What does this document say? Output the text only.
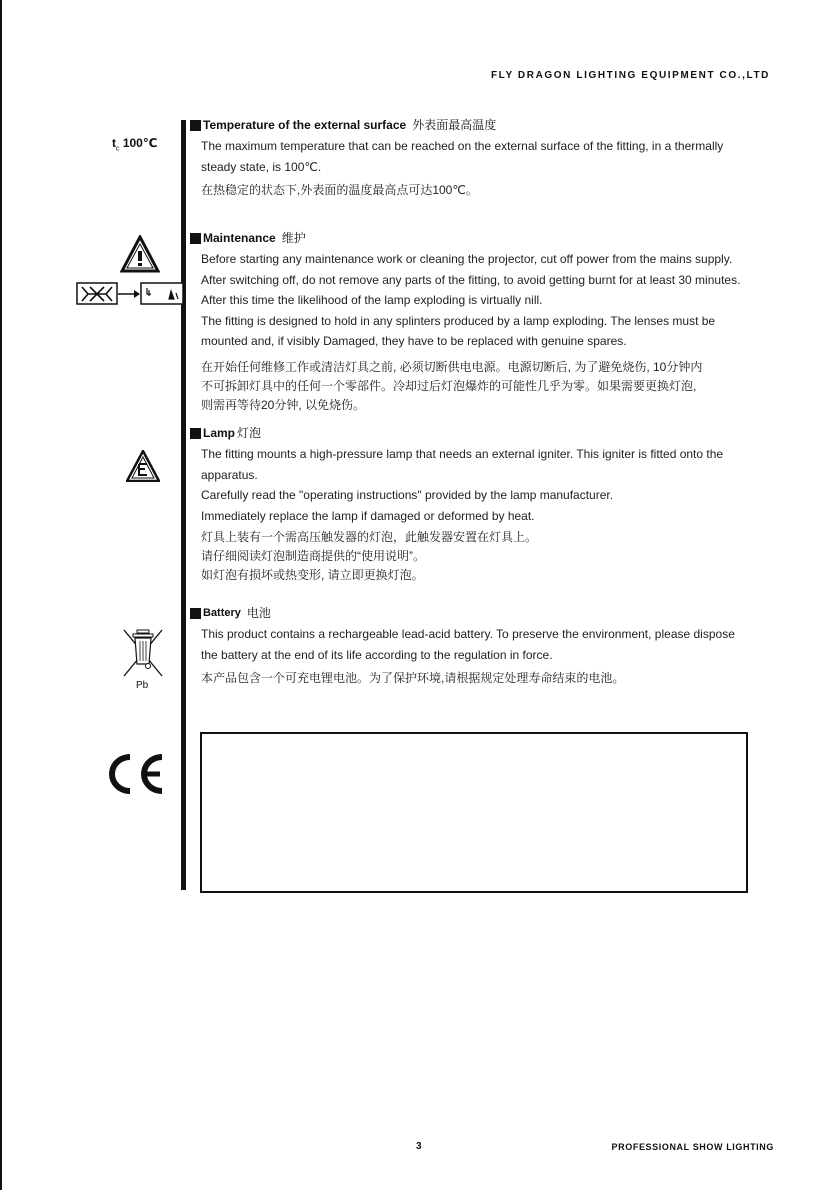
FLY DRAGON LIGHTING EQUIPMENT CO.,LTD
$t_c$ 100℃
Temperature of the external surface 外表面最高温度

The maximum temperature that can be reached on the external surface of the fitting, in a thermally

steady state, is 100℃.

在热稳定的状态下,外表面的温度最高点可达100℃。

Maintenance 维护

Before starting any maintenance work or cleaning the projector, cut off power from the mains supply.

After switching off, do not remove any parts of the fitting, to avoid getting burnt for at least 30 minutes.

After this time the likelihood of the lamp exploding is virtually nill.

The fitting is designed to hold in any splinters produced by a lamp exploding. The lenses must be

mounted and, if visibly Damaged, they have to be replaced with genuine spares.

在开始任何维修工作或清洁灯具之前, 必须切断供电电源。电源切断后, 为了避免烧伤, 10分钟内

不可拆卸灯具中的任何一个零部件。冷却过后灯泡爆炸的可能性几乎为零。如果需要更换灯泡,

则需再等待20分钟, 以免烧伤。

Lamp 灯泡

The fitting mounts a high-pressure lamp that needs an external igniter. This igniter is fitted onto the

apparatus.

Carefully read the "operating instructions" provided by the lamp manufacturer.

Immediately replace the lamp if damaged or deformed by heat.

灯具上装有一个需高压触发器的灯泡，此触发器安置在灯具上。

请仔细阅读灯泡制造商提供的“使用说明”。

如灯泡有损坏或热变形, 请立即更换灯泡。

Pb
Battery 电池

This product contains a rechargeable lead-acid battery. To preserve the environment, please dispose

the battery at the end of its life according to the regulation in force.

本产品包含一个可充电锂电池。为了保护环境,请根据规定处理寿命结束的电池。

3	PROFESSIONAL SHOW LIGHTING
